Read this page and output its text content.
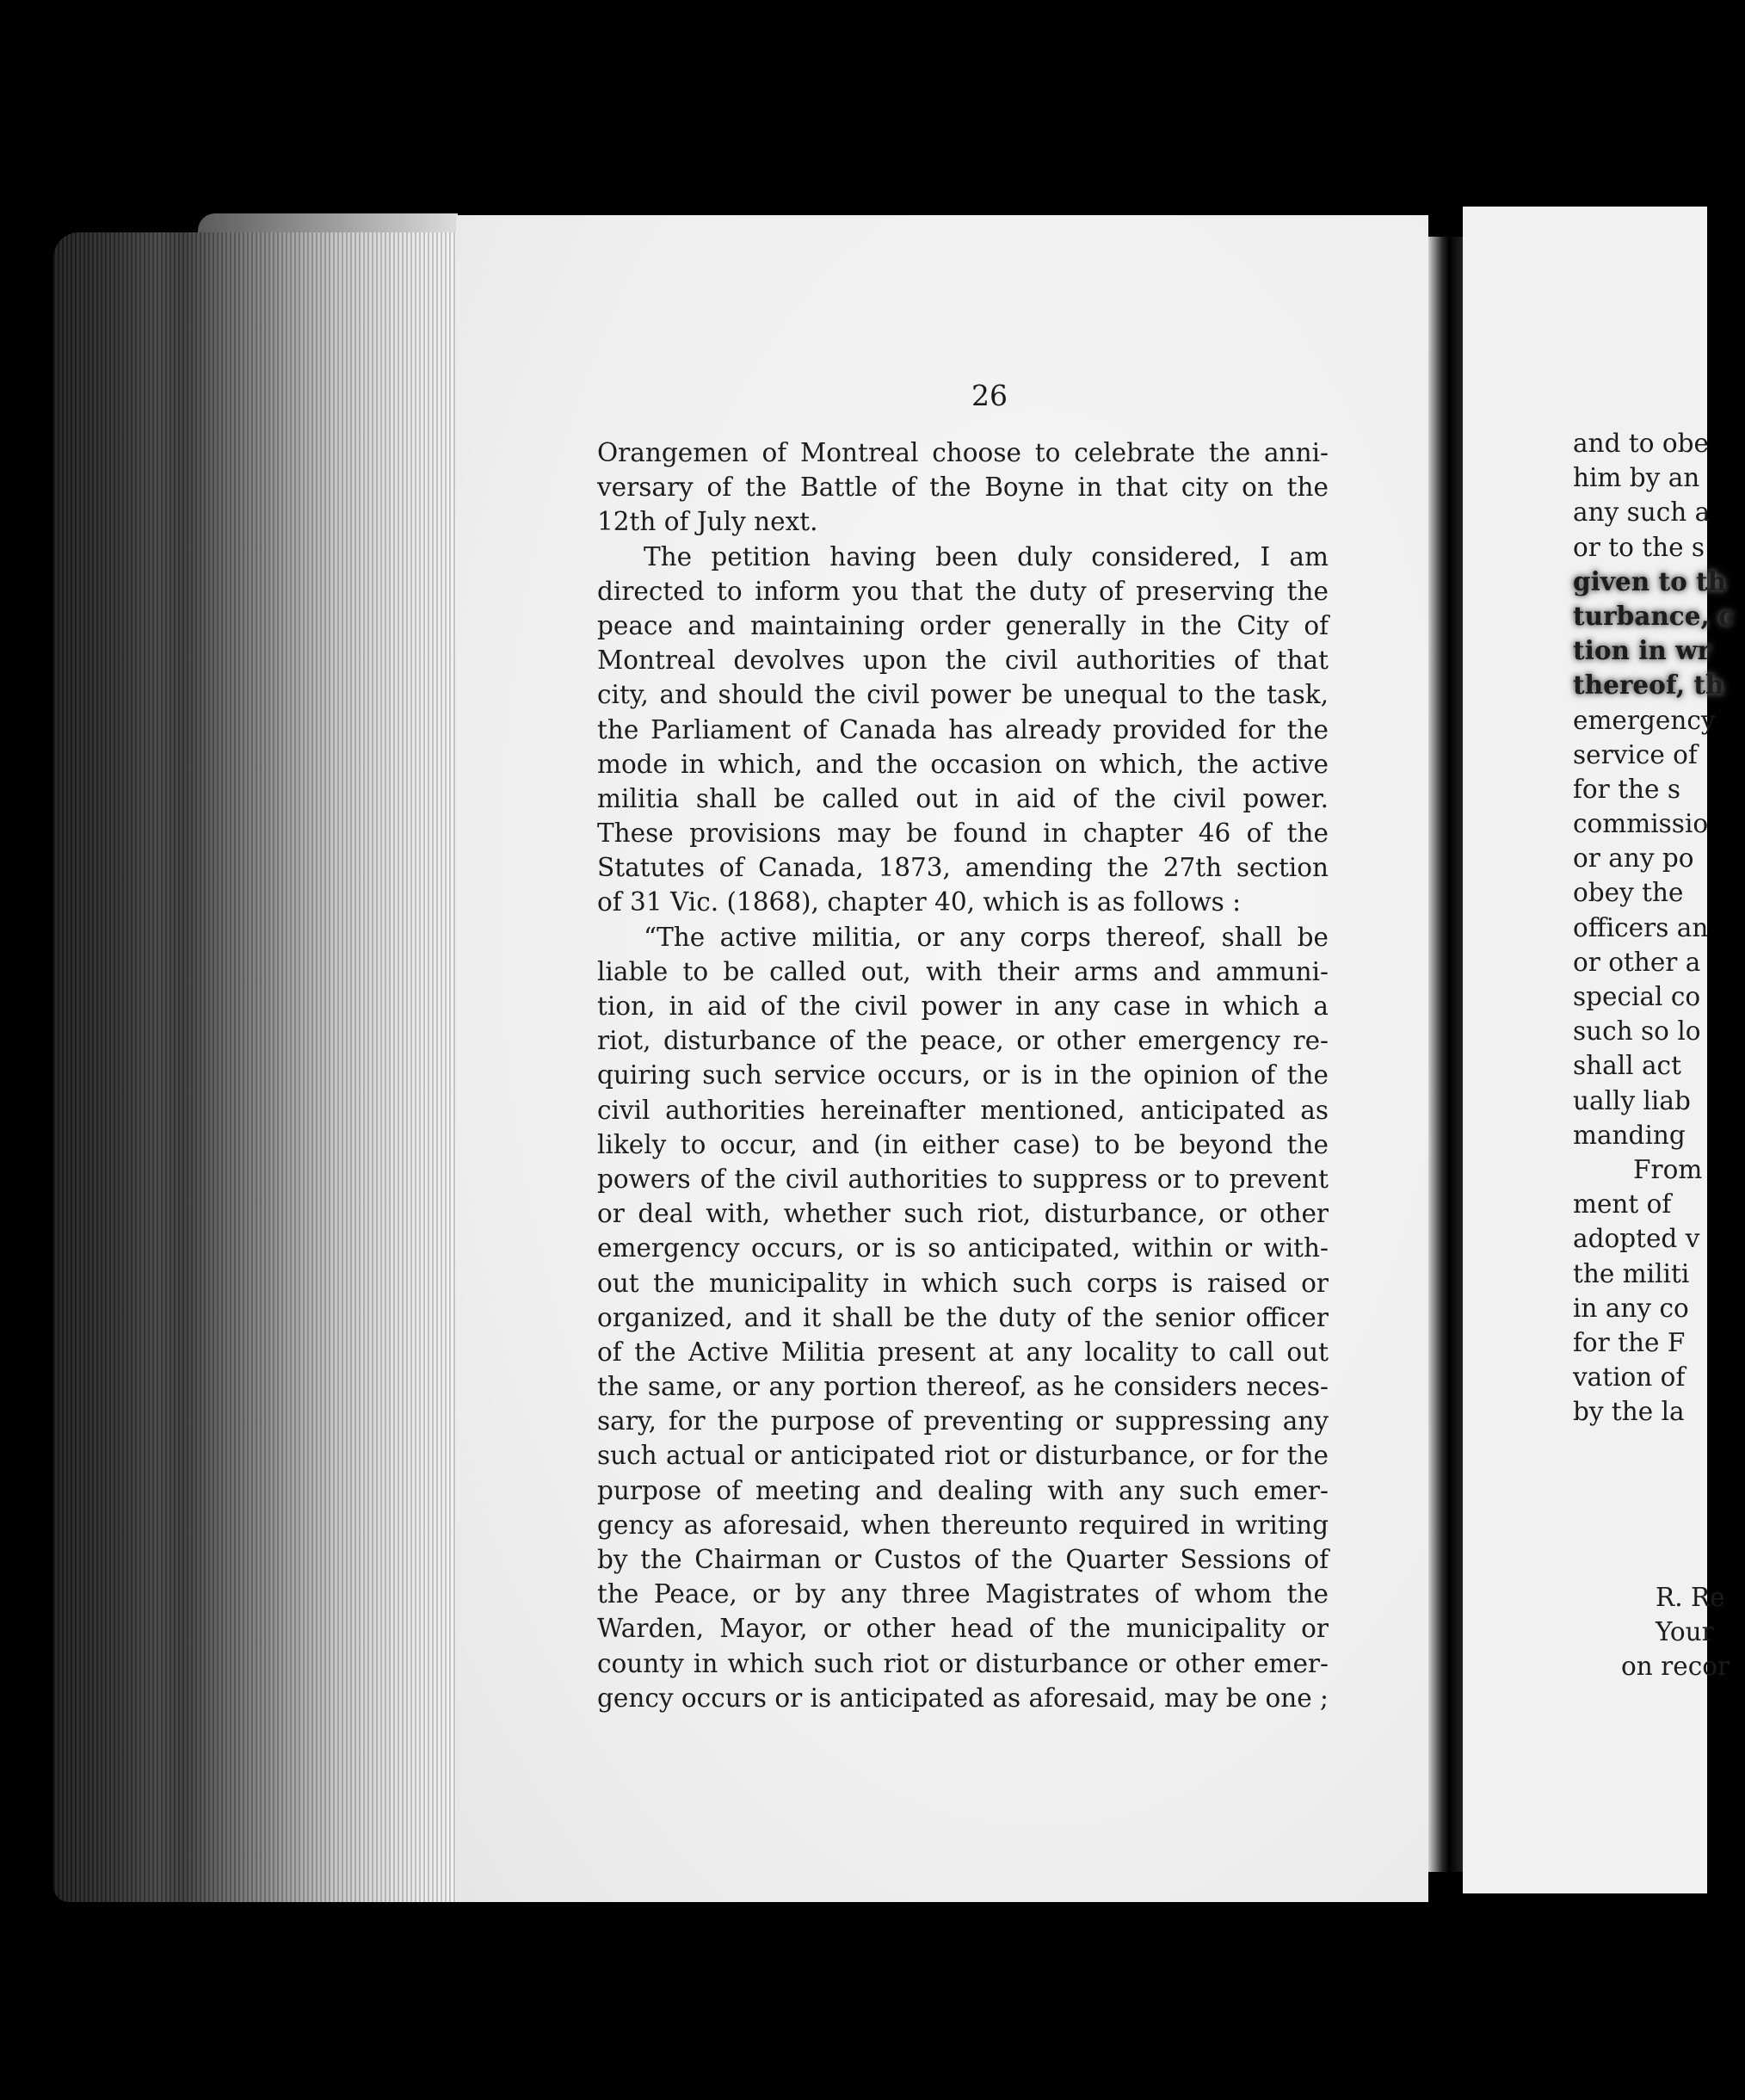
26
Orangemen of Montreal choose to celebrate the anni-
versary of the Battle of the Boyne in that city on the
12th of July next.
The petition having been duly considered, I am
directed to inform you that the duty of preserving the
peace and maintaining order generally in the City of
Montreal devolves upon the civil authorities of that
city, and should the civil power be unequal to the task,
the Parliament of Canada has already provided for the
mode in which, and the occasion on which, the active
militia shall be called out in aid of the civil power.
These provisions may be found in chapter 46 of the
Statutes of Canada, 1873, amending the 27th section
of 31 Vic. (1868), chapter 40, which is as follows :
“The active militia, or any corps thereof, shall be
liable to be called out, with their arms and ammuni-
tion, in aid of the civil power in any case in which a
riot, disturbance of the peace, or other emergency re-
quiring such service occurs, or is in the opinion of the
civil authorities hereinafter mentioned, anticipated as
likely to occur, and (in either case) to be beyond the
powers of the civil authorities to suppress or to prevent
or deal with, whether such riot, disturbance, or other
emergency occurs, or is so anticipated, within or with-
out the municipality in which such corps is raised or
organized, and it shall be the duty of the senior officer
of the Active Militia present at any locality to call out
the same, or any portion thereof, as he considers neces-
sary, for the purpose of preventing or suppressing any
such actual or anticipated riot or disturbance, or for the
purpose of meeting and dealing with any such emer-
gency as aforesaid, when thereunto required in writing
by the Chairman or Custos of the Quarter Sessions of
the Peace, or by any three Magistrates of whom the
Warden, Mayor, or other head of the municipality or
county in which such riot or disturbance or other emer-
gency occurs or is anticipated as aforesaid, may be one ;
and to obe
him by an
any such a
or to the s
given to th
turbance, c
tion in wr
thereof, th
emergency
service of
for the s
commissio
or any po
obey the
officers an
or other a
special co
such so lo
shall act
ually liab
manding
From
ment of
adopted v
the militi
in any co
for the F
vation of
by the la
R. Re
Your
on recor
